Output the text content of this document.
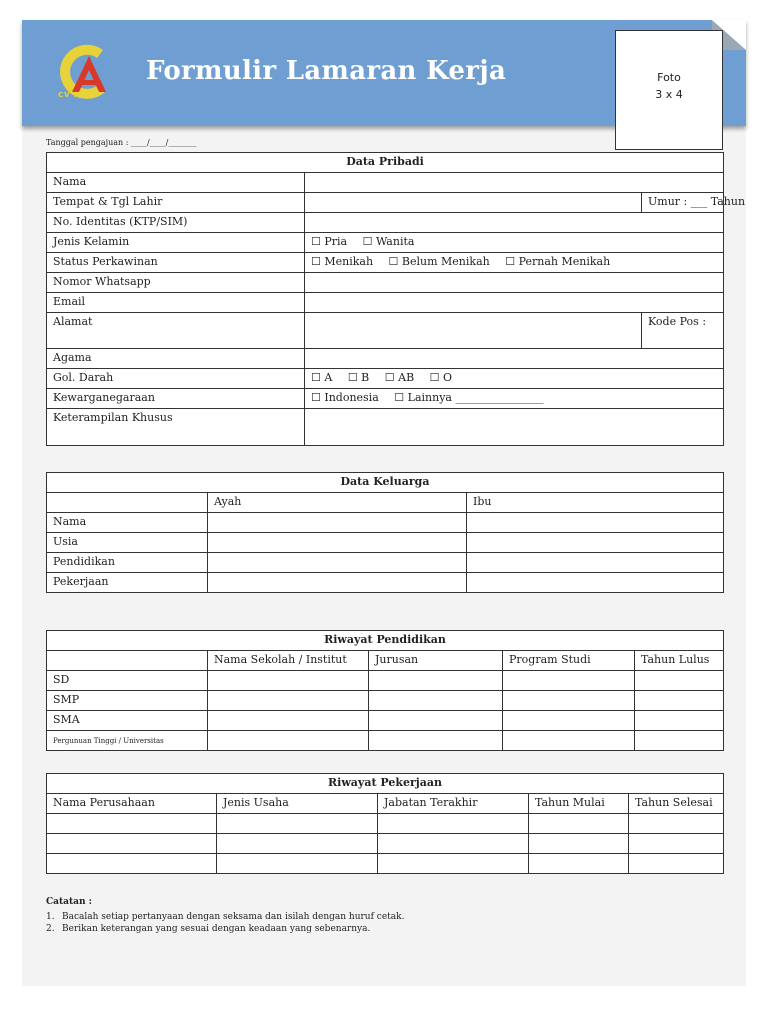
CV ABLI
Formulir Lamaran Kerja	Foto
3 x 4
Tanggal pengajuan : ____/____/_______
Data Pribadi		
Nama		
Tempat & Tgl Lahir		Umur : ___ Tahun
No. Identitas (KTP/SIM)		
Jenis Kelamin	☐ Pria ☐ Wanita	
Status Perkawinan	☐ Menikah ☐ Belum Menikah ☐ Pernah Menikah	
Nomor Whatsapp		
Email		
Alamat		Kode Pos :
Agama		
Gol. Darah	☐ A ☐ B ☐ AB ☐ O	
Kewarganegaraan	☐ Indonesia ☐ Lainnya ________________	
Keterampilan Khusus		
Data Keluarga		
	Ayah	Ibu
Nama		
Usia		
Pendidikan		
Pekerjaan		
Riwayat Pendidikan				
	Nama Sekolah / Institut	Jurusan	Program Studi	Tahun Lulus
SD				
SMP				
SMA				
Pergunuan Tinggi / Universitas				
Riwayat Pekerjaan				
Nama Perusahaan	Jenis Usaha	Jabatan Terakhir	Tahun Mulai	Tahun Selesai

Catatan :
1. Bacalah setiap pertanyaan dengan seksama dan isilah dengan huruf cetak.
2. Berikan keterangan yang sesuai dengan keadaan yang sebenarnya.
